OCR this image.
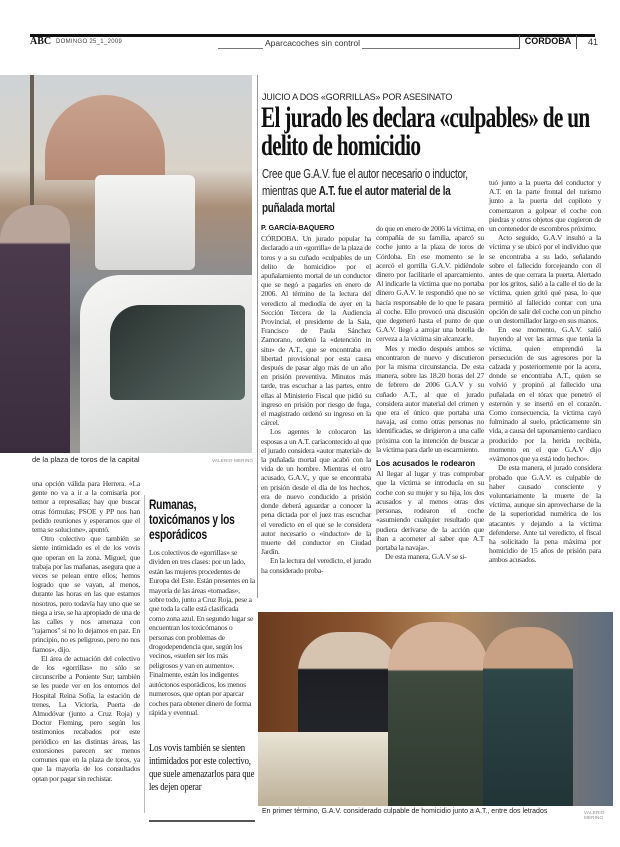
ABC DOMINGO 25_1_2009	Aparcacoches sin control	CÓRDOBA	41
de la plaza de toros de la capital	VALERIO MERINO
JUICIO A DOS «GORRILLAS» POR ASESINATO
El jurado les declara «culpables» de un delito de homicidio
Cree que G.A.V. fue el autor necesario o inductor, mientras que A.T. fue el autor material de la puñalada mortal
P. GARCÍA-BAQUERO

CÓRDOBA. Un jurado popular ha declarado a un «gorrilla» de la plaza de toros y a su cuñado «culpables de un delito de homicidio» por el apuñalamiento mortal de un conductor que se negó a pagarles en enero de 2006. Al término de la lectura del veredicto al mediodía de ayer en la Sección Tercera de la Audiencia Provincial, el presidente de la Sala, Francisco de Paula Sánchez Zamorano, ordenó la «detención in situ» de A.T., que se encontraba en libertad provisional por esta causa después de pasar algo más de un año en prisión preventiva. Minutos más tarde, tras escuchar a las partes, entre ellas al Ministerio Fiscal que pidió su ingreso en prisión por riesgo de fuga, el magistrado ordenó su ingreso en la cárcel.

Los agentes le colocaron las esposas a un A.T. cariacontecido al que el jurado considera «autor material» de la puñalada mortal que acabó con la vida de un hombre. Mientras el otro acusado, G.A.V., y que se encontraba en prisión desde el día de los hechos, era de nuevo conducido a prisión donde deberá aguardar a conocer la pena dictada por el juez tras escuchar el veredicto en el que se le considera autor necesario o «inductor» de la muerte del conductor en Ciudad Jardín.

En la lectura del veredicto, el jurado ha considerado proba-

do que en enero de 2006 la víctima, en compañía de su familia, aparcó su coche junto a la plaza de toros de Córdoba. En ese momento se le acercó el gorrilla G.A.V. pidiéndole dinero por facilitarle el aparcamiento. Al indicarle la víctima que no portaba dinero G.A.V. le respondió que no se hacía responsable de lo que le pasara al coche. Ello provocó una discusión que degeneró hasta el punto de que G.A.V. llegó a arrojar una botella de cerveza a la víctima sin alcanzarle.

Mes y medio después ambos se encontraron de nuevo y discutieron por la misma circunstancia. De esta manera, sobre las 18.20 horas del 27 de febrero de 2006 G.A.V y su cuñado A.T., al que el jurado considera autor material del crimen y que era el único que portaba una navaja, así como otras personas no identificadas, se dirigieron a una calle próxima con la intención de buscar a la víctima para darle un escarmiento.

Los acusados le rodearon

Al llegar al lugar y tras comprobar que la víctima se introducía en su coche con su mujer y su hija, los dos acusados y al menos otras dos personas, rodearon el coche «asumiendo cualquier resultado que pudiera derivarse de la acción que iban a acometer al saber que A.T portaba la navaja».

De esta manera, G.A.V se si-

tuó junto a la puerta del conductor y A.T. en la parte frontal del turismo junto a la puerta del copiloto y comenzaron a golpear el coche con piedras y otros objetos que cogieron de un contenedor de escombros próximo.

Acto seguido, G.A.V insultó a la víctima y se ubicó por el individuo que se encontraba a su lado, señalando sobre el fallecido forcejeando con él antes de que cerrara la puerta. Alertado por los gritos, salió a la calle el tío de la víctima, quien gritó qué pasa, lo que permitió al fallecido contar con una opción de salir del coche con un pincho o un destornillador largo en sus manos.

En ese momento, G.A.V. salió huyendo al ver las armas que tenía la víctima, quien emprendió la persecución de sus agresores por la calzada y posteriormente por la acera, donde se encontraba A.T., quien se volvió y propinó al fallecido una puñalada en el tórax que penetró el esternón y se insertó en el corazón. Como consecuencia, la víctima cayó fulminado al suelo, prácticamente sin vida, a causa del taponamiento cardiaco producido por la herida recibida, momento en el que G.A.V dijo «vámonos que ya está todo hecho».

De esta manera, el jurado considera probado que G.A.V. es culpable de haber causado consciente y voluntariamente la muerte de la víctima, aunque sin aprovecharse de la de la superioridad numérica de los atacantes y dejando a la víctima defenderse. Ante tal veredicto, el fiscal ha solicitado la pena máxima por homicidio de 15 años de prisión para ambos acusados.

En primer término, G.A.V. considerado culpable de homicidio junto a A.T., entre dos letrados	VALERIO MERINO

una opción válida para Herrera. «La gente no va a ir a la comisaría por temor a represalias; hay que buscar otras fórmulas; PSOE y PP nos han pedido reuniones y esperamos que el tema se solucione», apuntó.

Otro colectivo que también se siente intimidado es el de los vovis que operan en la zona. Miguel, que trabaja por las mañanas, asegura que a veces se pelean entre ellos; hemos logrado que se vayan, al menos, durante las horas en las que estamos nosotros, pero todavía hay uno que se niega a irse, se ha apropiado de una de las calles y nos amenaza con "rajarnos" si no lo dejamos en paz. En principio, no es peligroso, pero no nos fiamos», dijo.

El área de actuación del colectivo de los «gorrillas» no sólo se circunscribe a Poniente Sur; también se les puede ver en los entornos del Hospital Reina Sofía, la estación de trenes, La Victoria, Puerta de Almodóvar (junto a Cruz Roja) y Doctor Fleming, pero según los testimonios recabados por este periódico en las distintas áreas, las extorsiones parecen ser menos comunes que en la plaza de toros, ya que la mayoría de los consultados optan por pagar sin rechistar.

Rumanas, toxicómanos y los esporádicos
Los colectivos de «gorrillas» se dividen en tres clases: por un lado, están las mujeres procedentes de Europa del Este. Están presentes en la mayoría de las áreas «tomadas», sobre todo, junto a Cruz Roja, pese a que toda la calle está clasificada como zona azul. En segundo lugar se encuentran los toxicómanos o personas con problemas de drogodependencia que, según los vecinos, «suelen ser los más peligrosos y van en aumento». Finalmente, están los indigentes autóctonos esporádicos, los menos numerosos, que optan por aparcar coches para obtener dinero de forma rápida y eventual.
Los vovis también se sienten intimidados por este colectivo, que suele amenazarlos para que les dejen operar
